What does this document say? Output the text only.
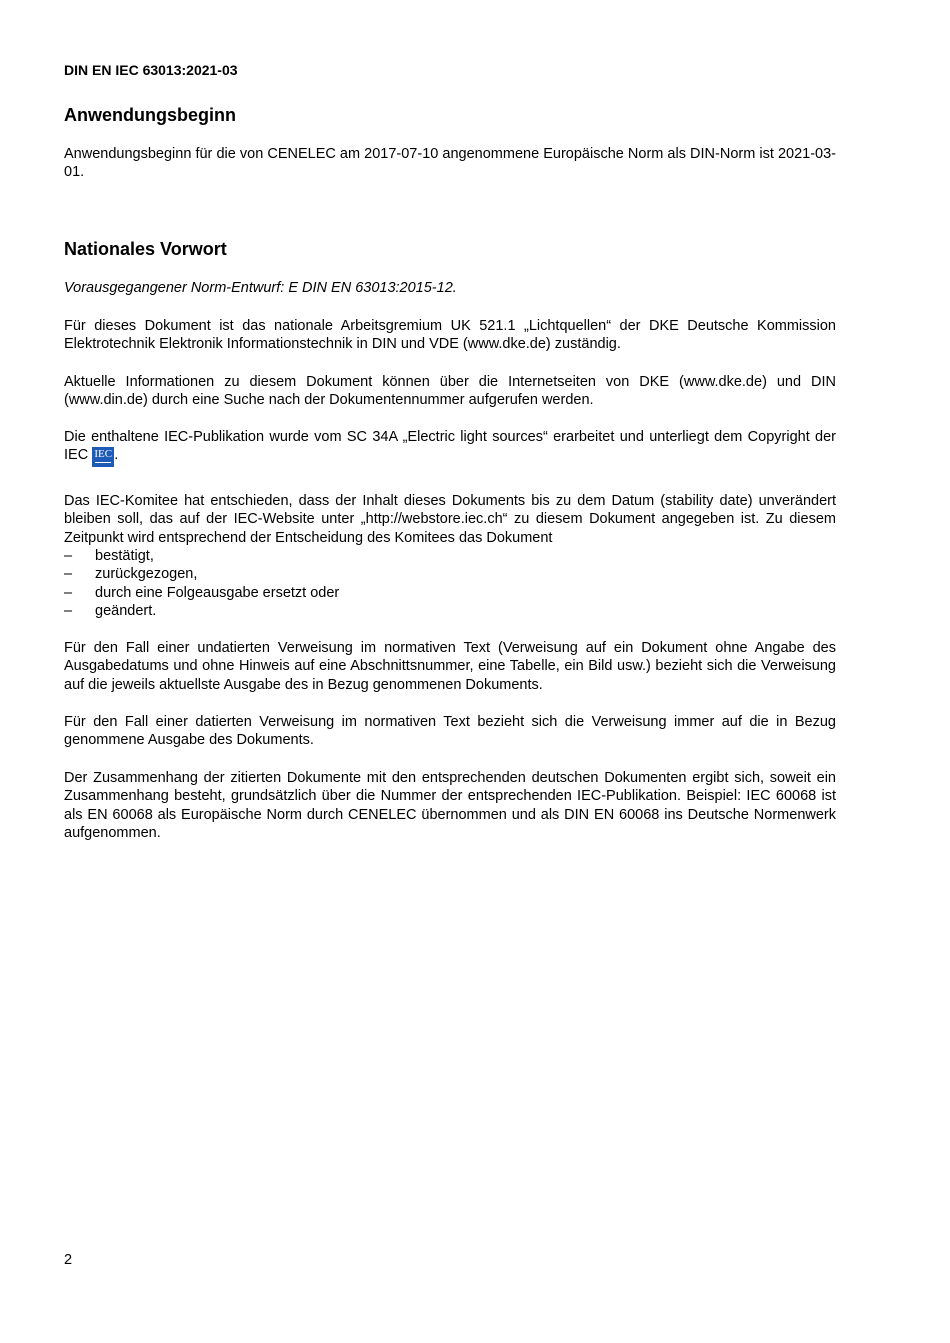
DIN EN IEC 63013:2021-03
Anwendungsbeginn

Anwendungsbeginn für die von CENELEC am 2017-07-10 angenommene Europäische Norm als DIN-Norm ist 2021-03-01.

Nationales Vorwort

Vorausgegangener Norm-Entwurf: E DIN EN 63013:2015-12.

Für dieses Dokument ist das nationale Arbeitsgremium UK 521.1 „Lichtquellen“ der DKE Deutsche Kommission Elektrotechnik Elektronik Informationstechnik in DIN und VDE (www.dke.de) zuständig.

Aktuelle Informationen zu diesem Dokument können über die Internetseiten von DKE (www.dke.de) und DIN (www.din.de) durch eine Suche nach der Dokumentennummer aufgerufen werden.

Die enthaltene IEC-Publikation wurde vom SC 34A „Electric light sources“ erarbeitet und unterliegt dem Copyright der IEC IEC .

Das IEC-Komitee hat entschieden, dass der Inhalt dieses Dokuments bis zu dem Datum (stability date) unverändert bleiben soll, das auf der IEC-Website unter „http://webstore.iec.ch“ zu diesem Dokument angegeben ist. Zu diesem Zeitpunkt wird entsprechend der Entscheidung des Komitees das Dokument

– bestätigt,
– zurückgezogen,
– durch eine Folgeausgabe ersetzt oder
– geändert.

Für den Fall einer undatierten Verweisung im normativen Text (Verweisung auf ein Dokument ohne Angabe des Ausgabedatums und ohne Hinweis auf eine Abschnittsnummer, eine Tabelle, ein Bild usw.) bezieht sich die Verweisung auf die jeweils aktuellste Ausgabe des in Bezug genommenen Dokuments.

Für den Fall einer datierten Verweisung im normativen Text bezieht sich die Verweisung immer auf die in Bezug genommene Ausgabe des Dokuments.

Der Zusammenhang der zitierten Dokumente mit den entsprechenden deutschen Dokumenten ergibt sich, soweit ein Zusammenhang besteht, grundsätzlich über die Nummer der entsprechenden IEC-Publikation. Beispiel: IEC 60068 ist als EN 60068 als Europäische Norm durch CENELEC übernommen und als DIN EN 60068 ins Deutsche Normenwerk aufgenommen.

2
